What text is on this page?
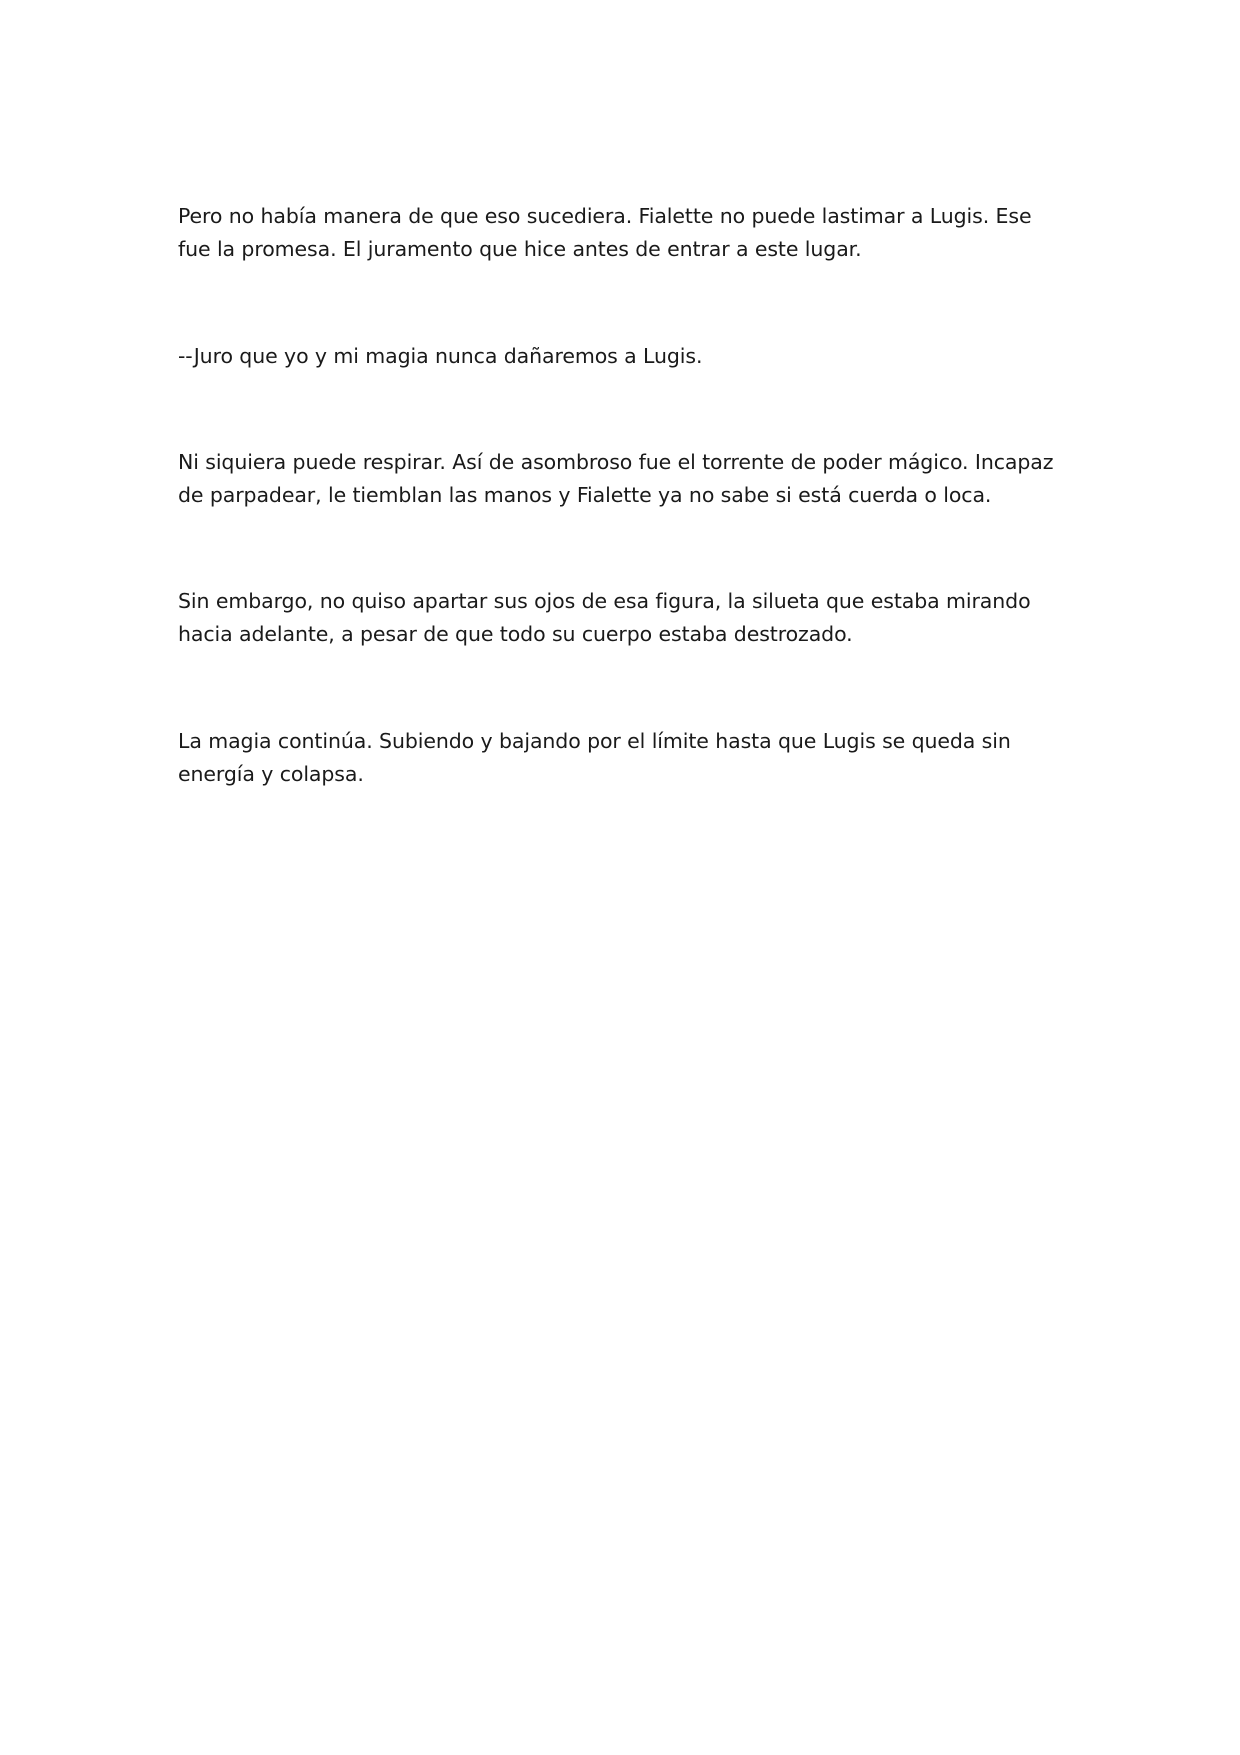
Pero no había manera de que eso sucediera. Fialette no puede lastimar a Lugis. Ese fue la promesa. El juramento que hice antes de entrar a este lugar.

--Juro que yo y mi magia nunca dañaremos a Lugis.

Ni siquiera puede respirar. Así de asombroso fue el torrente de poder mágico. Incapaz de parpadear, le tiemblan las manos y Fialette ya no sabe si está cuerda o loca.

Sin embargo, no quiso apartar sus ojos de esa figura, la silueta que estaba mirando hacia adelante, a pesar de que todo su cuerpo estaba destrozado.

La magia continúa. Subiendo y bajando por el límite hasta que Lugis se queda sin energía y colapsa.
